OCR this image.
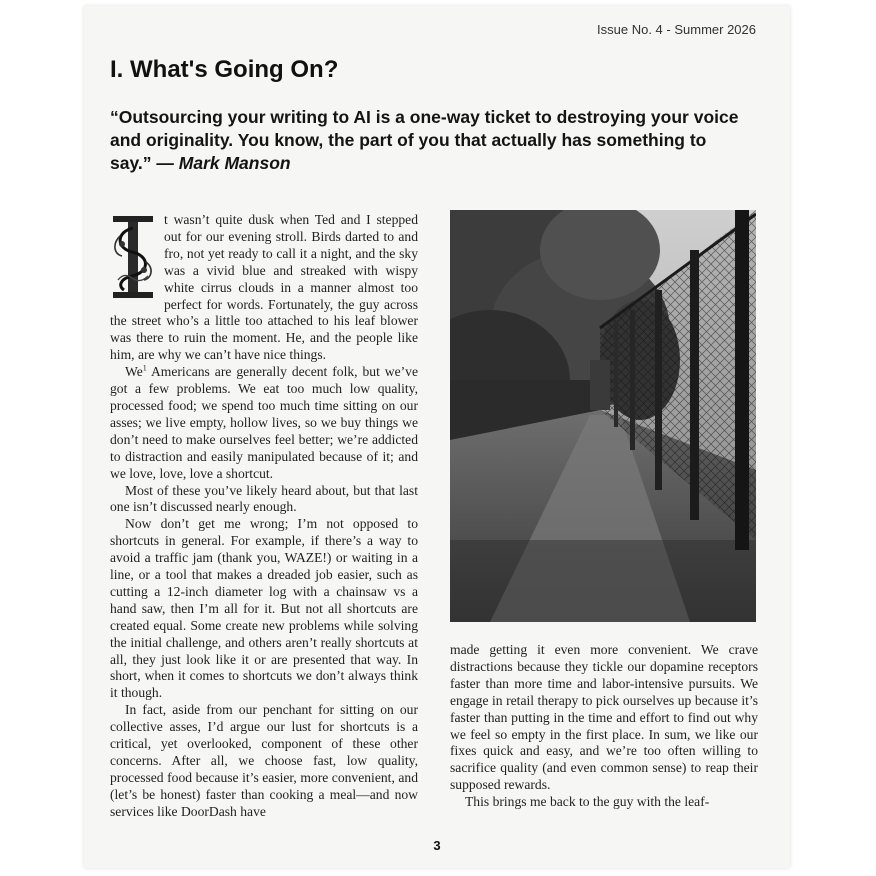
Issue No. 4 - Summer 2026
I. What's Going On?
“Outsourcing your writing to AI is a one-way ticket to destroying your voice and originality. You know, the part of you that actually has something to say.” — Mark Manson
I

t wasn’t quite dusk when Ted and I stepped out for our evening stroll. Birds darted to and fro, not yet ready to call it a night, and the sky was a vivid blue and streaked with wispy white cirrus clouds in a manner almost too perfect for words. Fortunately, the guy across the street who’s a little too attached to his leaf blower was there to ruin the moment. He, and the people like him, are why we can’t have nice things.

We$^1$ Americans are generally decent folk, but we’ve got a few problems. We eat too much low quality, processed food; we spend too much time sitting on our asses; we live empty, hollow lives, so we buy things we don’t need to make ourselves feel better; we’re addicted to distraction and easily manipulated because of it; and we love, love, love a shortcut.

Most of these you’ve likely heard about, but that last one isn’t discussed nearly enough.

Now don’t get me wrong; I’m not opposed to shortcuts in general. For example, if there’s a way to avoid a traffic jam (thank you, WAZE!) or waiting in a line, or a tool that makes a dreaded job easier, such as cutting a 12-inch diameter log with a chainsaw vs a hand saw, then I’m all for it. But not all shortcuts are created equal. Some create new problems while solving the initial challenge, and others aren’t really shortcuts at all, they just look like it or are presented that way. In short, when it comes to shortcuts we don’t always think it though.

In fact, aside from our penchant for sitting on our collective asses, I’d argue our lust for shortcuts is a critical, yet overlooked, component of these other concerns. After all, we choose fast, low quality, processed food because it’s easier, more convenient, and (let’s be honest) faster than cooking a meal—and now services like DoorDash have

made getting it even more convenient. We crave distractions because they tickle our dopamine receptors faster than more time and labor-intensive pursuits. We engage in retail therapy to pick ourselves up because it’s faster than putting in the time and effort to find out why we feel so empty in the first place. In sum, we like our fixes quick and easy, and we’re too often willing to sacrifice quality (and even common sense) to reap their supposed rewards.

This brings me back to the guy with the leaf-

3
